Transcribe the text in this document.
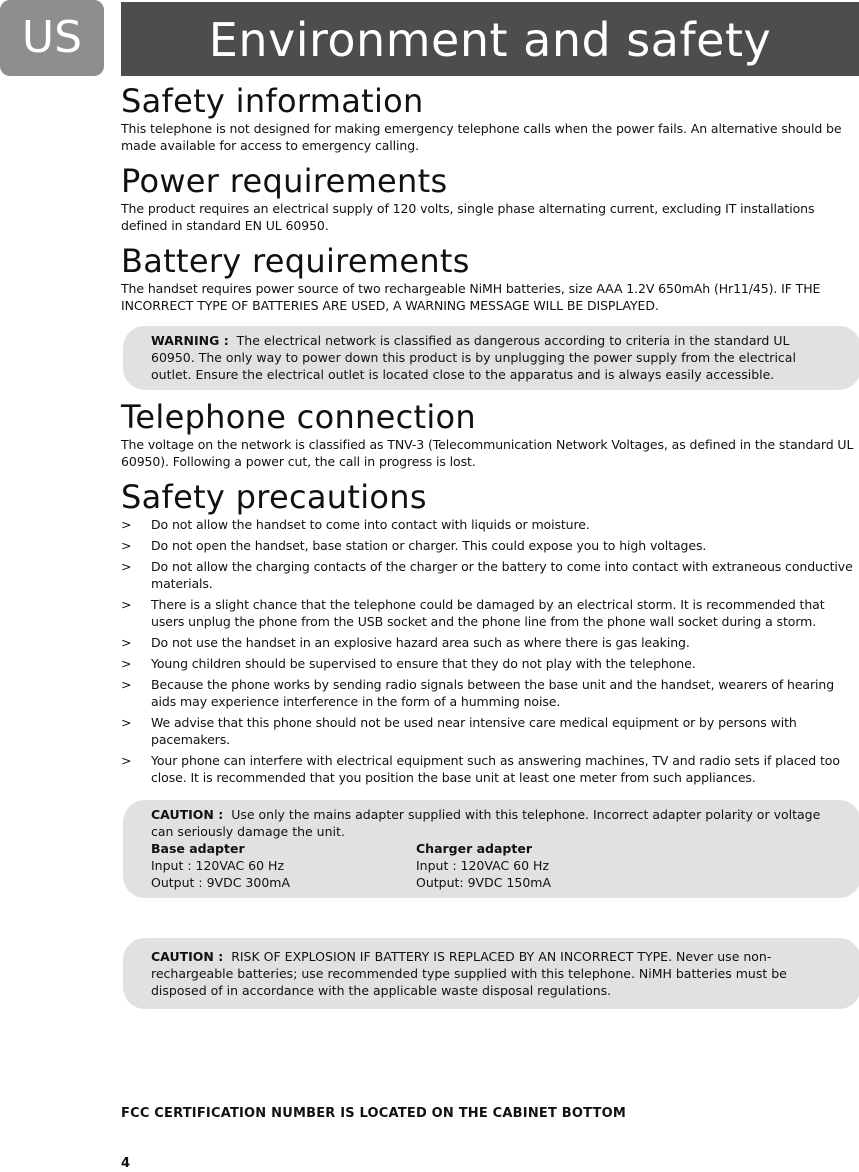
US	Environment and safety
Safety information

This telephone is not designed for making emergency telephone calls when the power fails. An alternative should be made available for access to emergency calling.

Power requirements

The product requires an electrical supply of 120 volts, single phase alternating current, excluding IT installations defined in standard EN UL 60950.

Battery requirements

The handset requires power source of two rechargeable NiMH batteries, size AAA 1.2V 650mAh (Hr11/45). IF THE INCORRECT TYPE OF BATTERIES ARE USED, A WARNING MESSAGE WILL BE DISPLAYED.

WARNING : The electrical network is classified as dangerous according to criteria in the standard UL 60950. The only way to power down this product is by unplugging the power supply from the electrical outlet. Ensure the electrical outlet is located close to the apparatus and is always easily accessible.
Telephone connection

The voltage on the network is classified as TNV-3 (Telecommunication Network Voltages, as defined in the standard UL 60950). Following a power cut, the call in progress is lost.

Safety precautions
> Do not allow the handset to come into contact with liquids or moisture.
> Do not open the handset, base station or charger. This could expose you to high voltages.
> Do not allow the charging contacts of the charger or the battery to come into contact with extraneous conductive materials.
> There is a slight chance that the telephone could be damaged by an electrical storm. It is recommended that users unplug the phone from the USB socket and the phone line from the phone wall socket during a storm.
> Do not use the handset in an explosive hazard area such as where there is gas leaking.
> Young children should be supervised to ensure that they do not play with the telephone.
> Because the phone works by sending radio signals between the base unit and the handset, wearers of hearing aids may experience interference in the form of a humming noise.
> We advise that this phone should not be used near intensive care medical equipment or by persons with pacemakers.
> Your phone can interfere with electrical equipment such as answering machines, TV and radio sets if placed too close. It is recommended that you position the base unit at least one meter from such appliances.
CAUTION : Use only the mains adapter supplied with this telephone. Incorrect adapter polarity or voltage can seriously damage the unit.
Base adapter
Input : 120VAC 60 Hz
Output : 9VDC 300mA
Charger adapter
Input : 120VAC 60 Hz
Output: 9VDC 150mA
CAUTION : RISK OF EXPLOSION IF BATTERY IS REPLACED BY AN INCORRECT TYPE. Never use non-rechargeable batteries; use recommended type supplied with this telephone. NiMH batteries must be disposed of in accordance with the applicable waste disposal regulations.
FCC CERTIFICATION NUMBER IS LOCATED ON THE CABINET BOTTOM
4
